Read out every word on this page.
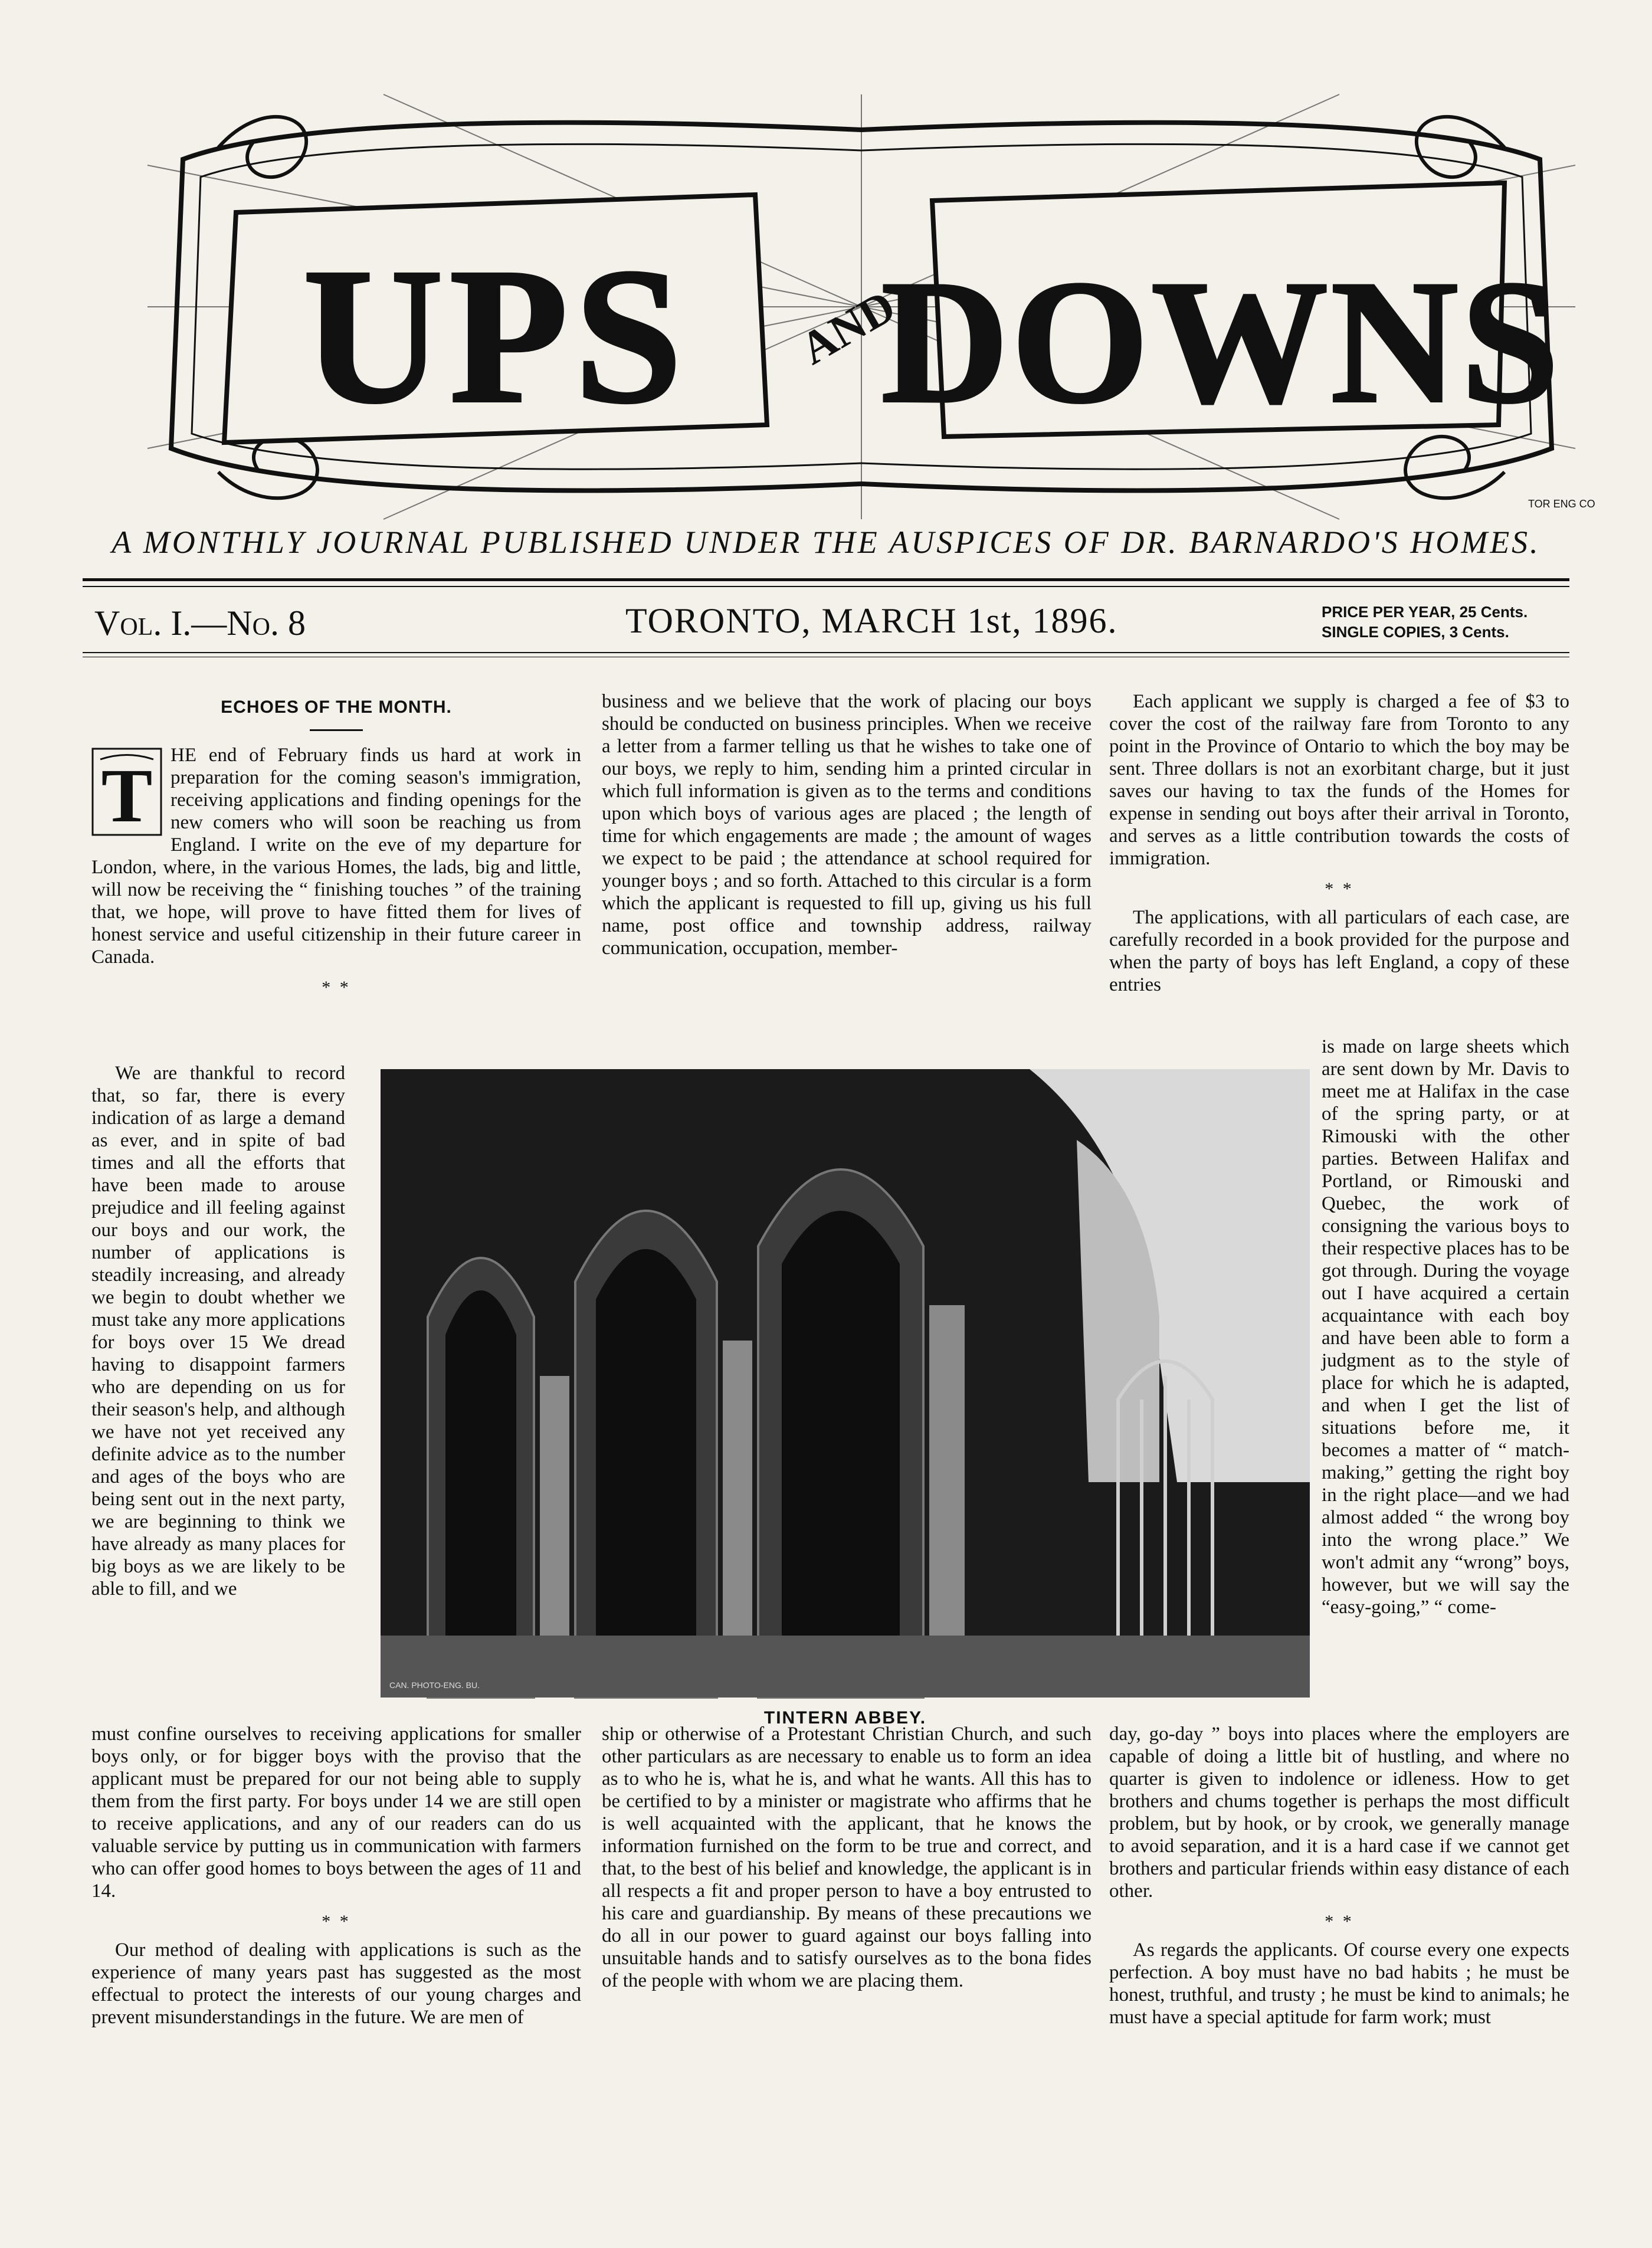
UPS AND
DOWNS
TOR ENG CO
A MONTHLY JOURNAL PUBLISHED UNDER THE AUSPICES OF DR. BARNARDO'S HOMES.
Vol. I.—No. 8	TORONTO, MARCH 1st, 1896.	PRICE PER YEAR, 25 Cents.
SINGLE COPIES, 3 Cents.
ECHOES OF THE MONTH.
T HE end of February finds us hard at work in preparation for the coming season's immigration, receiving applications and finding openings for the new comers who will soon be reaching us from England. I write on the eve of my departure for London, where, in the various Homes, the lads, big and little, will now be receiving the “ finishing touches ” of the training that, we hope, will prove to have fitted them for lives of honest service and useful citizenship in their future career in Canada.

* *

We are thankful to record that, so far, there is every indication of as large a demand as ever, and in spite of bad times and all the efforts that have been made to arouse prejudice and ill feeling against our boys and our work, the number of applications is steadily increasing, and already we begin to doubt whether we must take any more applications for boys over 15 We dread having to disappoint farmers who are depending on us for their season's help, and although we have not yet received any definite advice as to the number and ages of the boys who are being sent out in the next party, we are beginning to think we have already as many places for big boys as we are likely to be able to fill, and we

must confine ourselves to receiving applications for smaller boys only, or for bigger boys with the proviso that the applicant must be prepared for our not being able to supply them from the first party. For boys under 14 we are still open to receive applications, and any of our readers can do us valuable service by putting us in communication with farmers who can offer good homes to boys between the ages of 11 and 14.

* *

Our method of dealing with applications is such as the experience of many years past has suggested as the most effectual to protect the interests of our young charges and prevent misunderstandings in the future. We are men of

business and we believe that the work of placing our boys should be conducted on business principles. When we receive a letter from a farmer telling us that he wishes to take one of our boys, we reply to him, sending him a printed circular in which full information is given as to the terms and conditions upon which boys of various ages are placed ; the length of time for which engagements are made ; the amount of wages we expect to be paid ; the attendance at school required for younger boys ; and so forth. Attached to this circular is a form which the applicant is requested to fill up, giving us his full name, post office and township address, railway communication, occupation, member-

ship or otherwise of a Protestant Christian Church, and such other particulars as are necessary to enable us to form an idea as to who he is, what he is, and what he wants. All this has to be certified to by a minister or magistrate who affirms that he is well acquainted with the applicant, that he knows the information furnished on the form to be true and correct, and that, to the best of his belief and knowledge, the applicant is in all respects a fit and proper person to have a boy entrusted to his care and guardianship. By means of these precautions we do all in our power to guard against our boys falling into unsuitable hands and to satisfy ourselves as to the bona fides of the people with whom we are placing them.

Each applicant we supply is charged a fee of $3 to cover the cost of the railway fare from Toronto to any point in the Province of Ontario to which the boy may be sent. Three dollars is not an exorbitant charge, but it just saves our having to tax the funds of the Homes for expense in sending out boys after their arrival in Toronto, and serves as a little contribution towards the costs of immigration.

* *

The applications, with all particulars of each case, are carefully recorded in a book provided for the purpose and when the party of boys has left England, a copy of these entries

is made on large sheets which are sent down by Mr. Davis to meet me at Halifax in the case of the spring party, or at Rimouski with the other parties. Between Halifax and Portland, or Rimouski and Quebec, the work of consigning the various boys to their respective places has to be got through. During the voyage out I have acquired a certain acquaintance with each boy and have been able to form a judgment as to the style of place for which he is adapted, and when I get the list of situations before me, it becomes a matter of “ match-making,” getting the right boy in the right place—and we had almost added “ the wrong boy into the wrong place.” We won't admit any “wrong” boys, however, but we will say the “easy-going,” “ come-

day, go-day ” boys into places where the employers are capable of doing a little bit of hustling, and where no quarter is given to indolence or idleness. How to get brothers and chums together is perhaps the most difficult problem, but by hook, or by crook, we generally manage to avoid separation, and it is a hard case if we cannot get brothers and particular friends within easy distance of each other.

* *

As regards the applicants. Of course every one expects perfection. A boy must have no bad habits ; he must be honest, truthful, and trusty ; he must be kind to animals; he must have a special aptitude for farm work; must

CAN. PHOTO-ENG. BU.
TINTERN ABBEY.
